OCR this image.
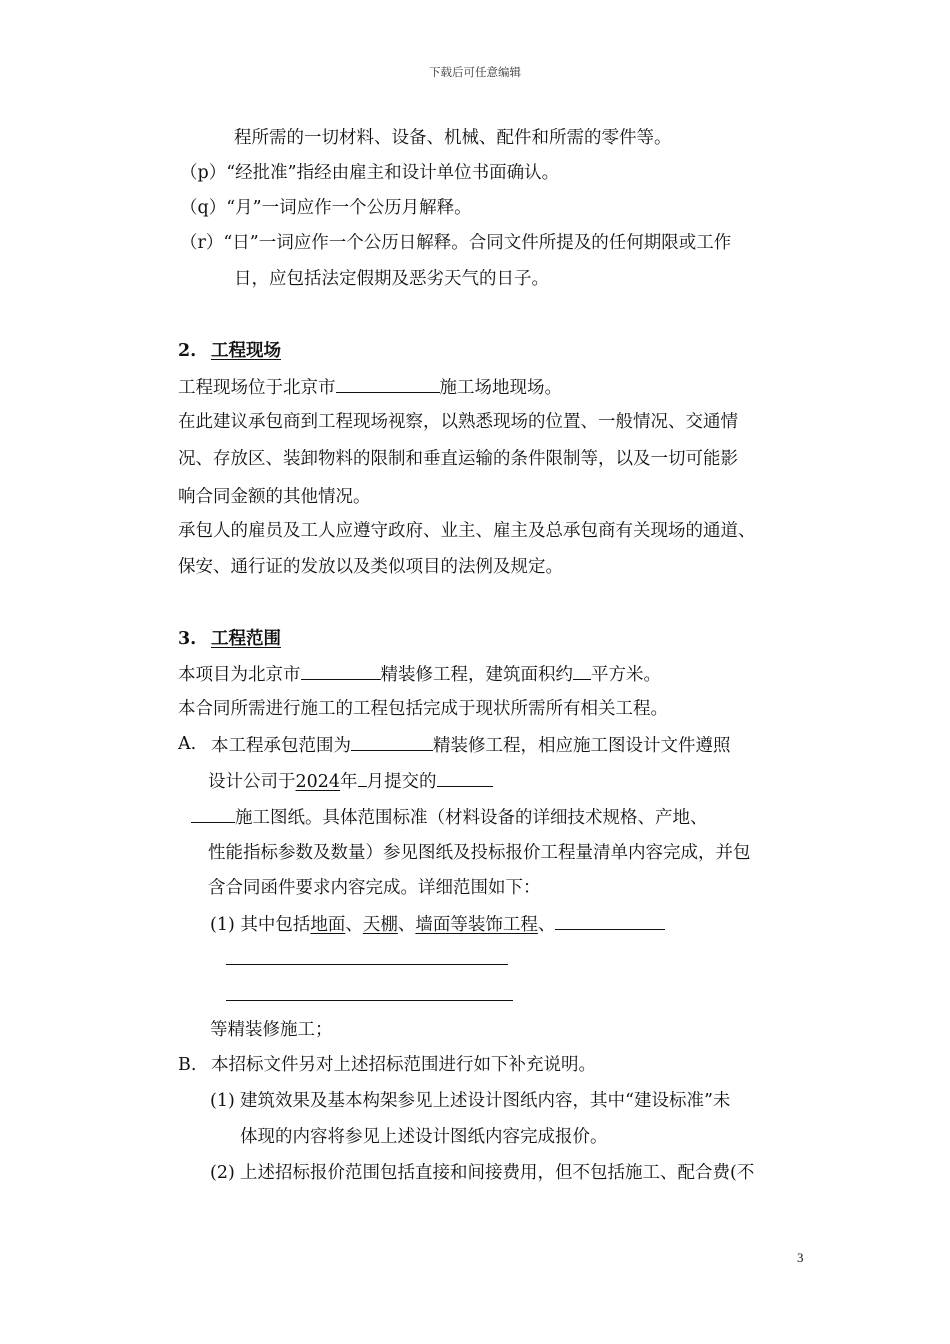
下载后可任意编辑
程所需的一切材料、设备、机械、配件和所需的零件等。
（p）“经批准”指经由雇主和设计单位书面确认。
（q）“月”一词应作一个公历月解释。
（r）“日”一词应作一个公历日解释。合同文件所提及的任何期限或工作
日，应包括法定假期及恶劣天气的日子。
2. 工程现场
工程现场位于北京市	施工场地现场。
在此建议承包商到工程现场视察，以熟悉现场的位置、一般情况、交通情
况、存放区、装卸物料的限制和垂直运输的条件限制等，以及一切可能影
响合同金额的其他情况。
承包人的雇员及工人应遵守政府、业主、雇主及总承包商有关现场的通道、
保安、通行证的发放以及类似项目的法例及规定。
3. 工程范围
本项目为北京市	精装修工程，建筑面积约 平方米。
本合同所需进行施工的工程包括完成于现状所需所有相关工程。
A. 本工程承包范围为	精装修工程，相应施工图设计文件遵照
设计公司于2024年 月提交的
施工图纸。具体范围标准（材料设备的详细技术规格、产地、
性能指标参数及数量）参见图纸及投标报价工程量清单内容完成，并包
含合同函件要求内容完成。详细范围如下：
(1) 其中包括地面、天棚、墙面等装饰工程、
等精装修施工；
B. 本招标文件另对上述招标范围进行如下补充说明。
(1) 建筑效果及基本构架参见上述设计图纸内容，其中“建设标准”未
体现的内容将参见上述设计图纸内容完成报价。
(2) 上述招标报价范围包括直接和间接费用，但不包括施工、配合费(不
3
